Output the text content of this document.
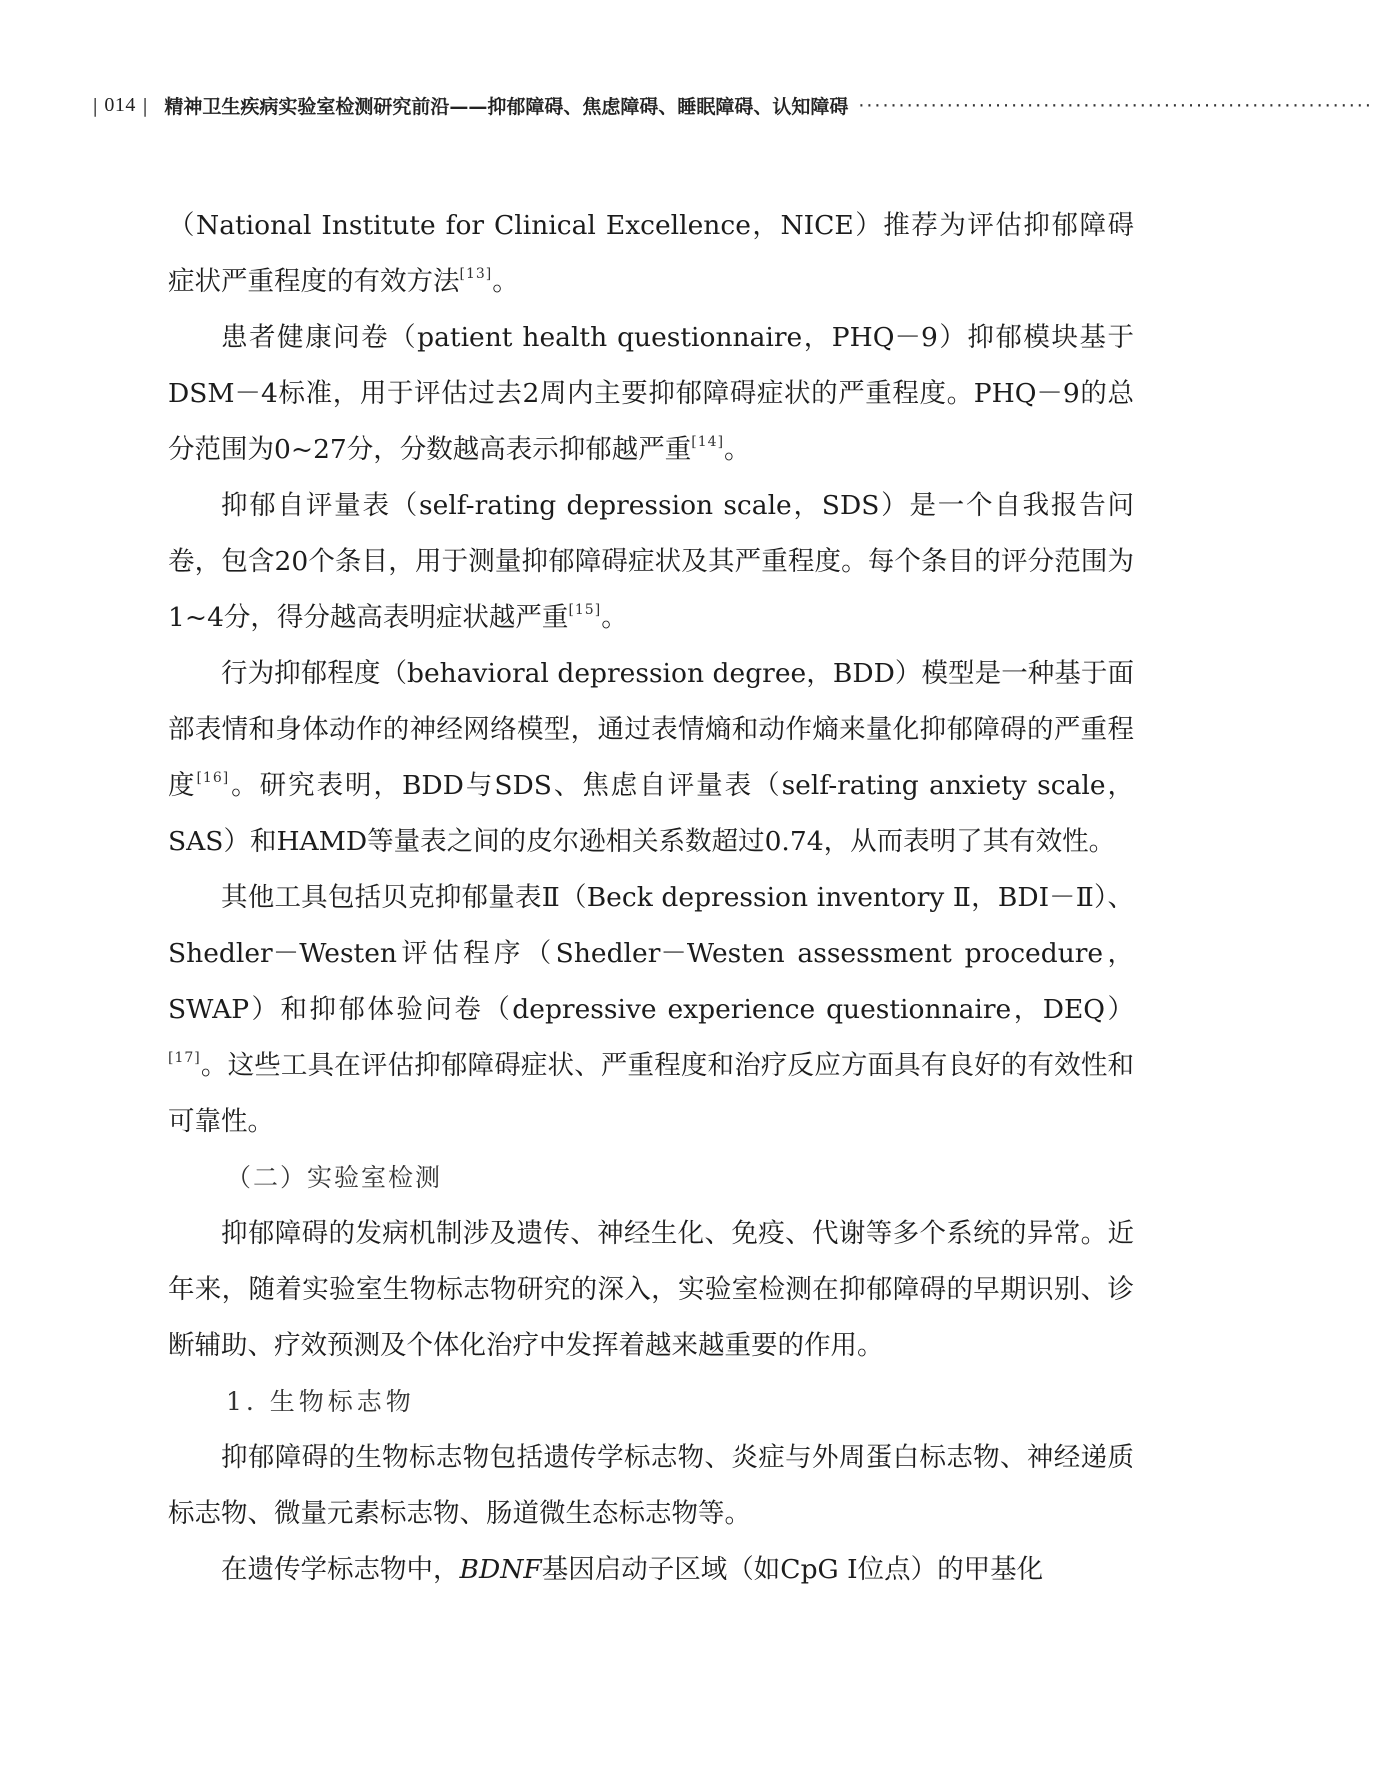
| 014 | 精神卫生疾病实验室检测研究前沿——抑郁障碍、焦虑障碍、睡眠障碍、认知障碍 ································································

（National Institute for Clinical Excellence，NICE）推荐为评估抑郁障碍症状严重程度的有效方法[13]。

患者健康问卷（patient health questionnaire，PHQ－9）抑郁模块基于DSM－4标准，用于评估过去2周内主要抑郁障碍症状的严重程度。PHQ－9的总分范围为0~27分，分数越高表示抑郁越严重[14]。

抑郁自评量表（self-rating depression scale，SDS）是一个自我报告问卷，包含20个条目，用于测量抑郁障碍症状及其严重程度。每个条目的评分范围为1~4分，得分越高表明症状越严重[15]。

行为抑郁程度（behavioral depression degree，BDD）模型是一种基于面部表情和身体动作的神经网络模型，通过表情熵和动作熵来量化抑郁障碍的严重程度[16]。研究表明，BDD与SDS、焦虑自评量表（self-rating anxiety scale，SAS）和HAMD等量表之间的皮尔逊相关系数超过0.74，从而表明了其有效性。

其他工具包括贝克抑郁量表Ⅱ（Beck depression inventory Ⅱ，BDI－Ⅱ）、Shedler－Westen评估程序（Shedler－Westen assessment procedure，SWAP）和抑郁体验问卷（depressive experience questionnaire，DEQ）[17]。这些工具在评估抑郁障碍症状、严重程度和治疗反应方面具有良好的有效性和可靠性。

（二）实验室检测

抑郁障碍的发病机制涉及遗传、神经生化、免疫、代谢等多个系统的异常。近年来，随着实验室生物标志物研究的深入，实验室检测在抑郁障碍的早期识别、诊断辅助、疗效预测及个体化治疗中发挥着越来越重要的作用。

1. 生物标志物

抑郁障碍的生物标志物包括遗传学标志物、炎症与外周蛋白标志物、神经递质标志物、微量元素标志物、肠道微生态标志物等。

在遗传学标志物中，BDNF基因启动子区域（如CpG I位点）的甲基化
